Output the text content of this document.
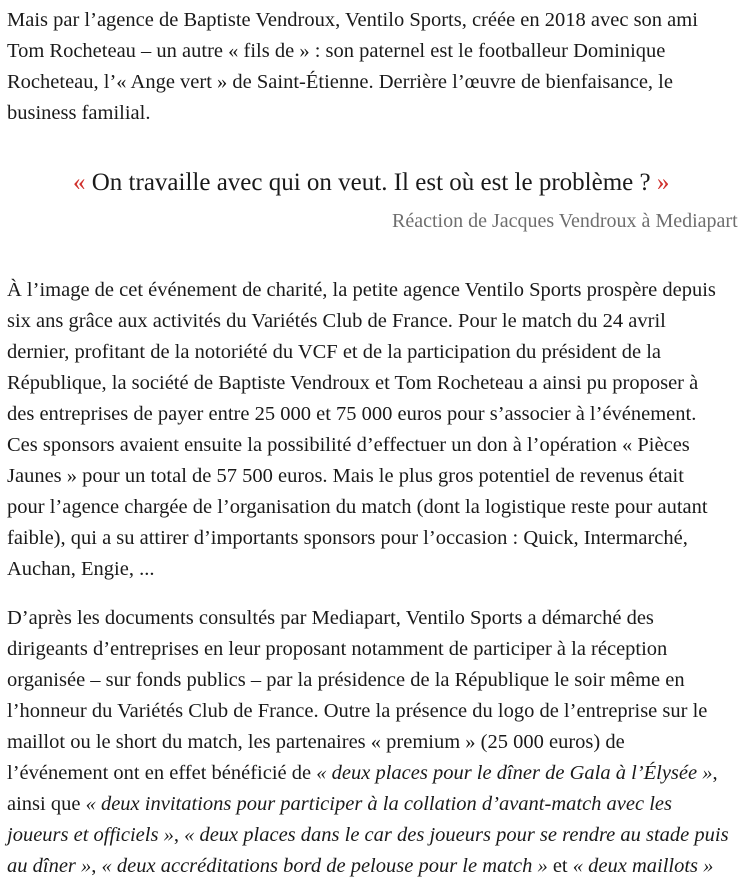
Mais par l’agence de Baptiste Vendroux, Ventilo Sports, créée en 2018 avec son ami
Tom Rocheteau – un autre « fils de » : son paternel est le footballeur Dominique
Rocheteau, l’« Ange vert » de Saint-Étienne. Derrière l’œuvre de bienfaisance, le
business familial.
« On travaille avec qui on veut. Il est où est le problème ? »
Réaction de Jacques Vendroux à Mediapart
À l’image de cet événement de charité, la petite agence Ventilo Sports prospère depuis
six ans grâce aux activités du Variétés Club de France. Pour le match du 24 avril
dernier, profitant de la notoriété du VCF et de la participation du président de la
République, la société de Baptiste Vendroux et Tom Rocheteau a ainsi pu proposer à
des entreprises de payer entre 25 000 et 75 000 euros pour s’associer à l’événement.
Ces sponsors avaient ensuite la possibilité d’effectuer un don à l’opération « Pièces
Jaunes » pour un total de 57 500 euros. Mais le plus gros potentiel de revenus était
pour l’agence chargée de l’organisation du match (dont la logistique reste pour autant
faible), qui a su attirer d’importants sponsors pour l’occasion : Quick, Intermarché,
Auchan, Engie, ...
D’après les documents consultés par Mediapart, Ventilo Sports a démarché des
dirigeants d’entreprises en leur proposant notamment de participer à la réception
organisée – sur fonds publics – par la présidence de la République le soir même en
l’honneur du Variétés Club de France. Outre la présence du logo de l’entreprise sur le
maillot ou le short du match, les partenaires « premium » (25 000 euros) de
l’événement ont en effet bénéficié de « deux places pour le dîner de Gala à l’Élysée »,
ainsi que « deux invitations pour participer à la collation d’avant-match avec les
joueurs et officiels », « deux places dans le car des joueurs pour se rendre au stade puis
au dîner », « deux accréditations bord de pelouse pour le match » et « deux maillots »
